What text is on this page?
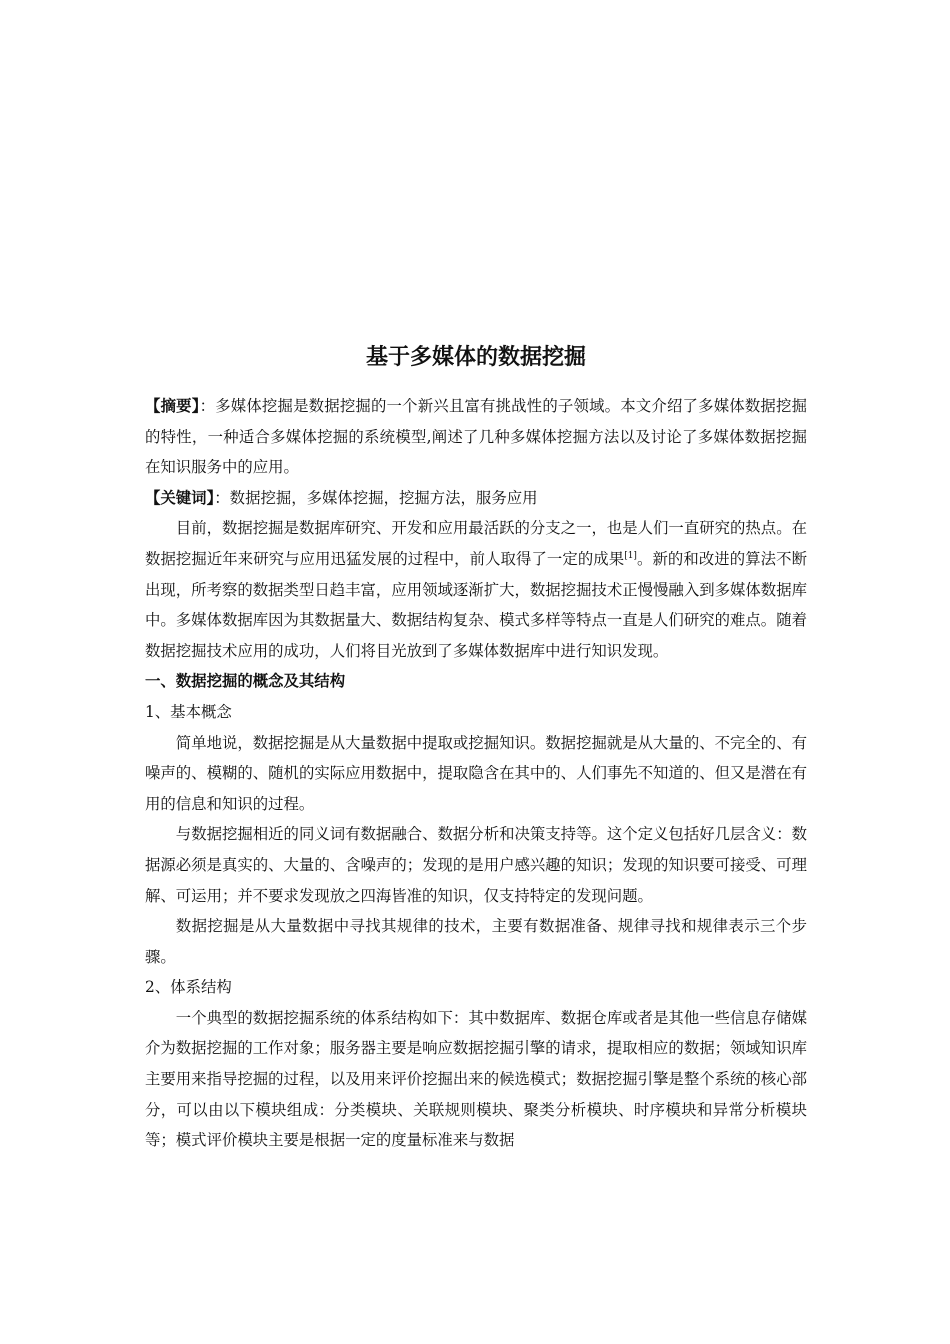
基于多媒体的数据挖掘

【摘要】：多媒体挖掘是数据挖掘的一个新兴且富有挑战性的子领域。本文介绍了多媒体数据挖掘的特性，一种适合多媒体挖掘的系统模型,阐述了几种多媒体挖掘方法以及讨论了多媒体数据挖掘在知识服务中的应用。

【关键词】：数据挖掘，多媒体挖掘，挖掘方法，服务应用

目前，数据挖掘是数据库研究、开发和应用最活跃的分支之一，也是人们一直研究的热点。在数据挖掘近年来研究与应用迅猛发展的过程中，前人取得了一定的成果[1]。新的和改进的算法不断出现，所考察的数据类型日趋丰富，应用领域逐渐扩大，数据挖掘技术正慢慢融入到多媒体数据库中。多媒体数据库因为其数据量大、数据结构复杂、模式多样等特点一直是人们研究的难点。随着数据挖掘技术应用的成功，人们将目光放到了多媒体数据库中进行知识发现。

一、数据挖掘的概念及其结构

1、基本概念

简单地说，数据挖掘是从大量数据中提取或挖掘知识。数据挖掘就是从大量的、不完全的、有噪声的、模糊的、随机的实际应用数据中，提取隐含在其中的、人们事先不知道的、但又是潜在有用的信息和知识的过程。

与数据挖掘相近的同义词有数据融合、数据分析和决策支持等。这个定义包括好几层含义：数据源必须是真实的、大量的、含噪声的；发现的是用户感兴趣的知识；发现的知识要可接受、可理解、可运用；并不要求发现放之四海皆准的知识，仅支持特定的发现问题。

数据挖掘是从大量数据中寻找其规律的技术，主要有数据准备、规律寻找和规律表示三个步骤。

2、体系结构

一个典型的数据挖掘系统的体系结构如下：其中数据库、数据仓库或者是其他一些信息存储媒介为数据挖掘的工作对象；服务器主要是响应数据挖掘引擎的请求，提取相应的数据；领域知识库主要用来指导挖掘的过程，以及用来评价挖掘出来的候选模式；数据挖掘引擎是整个系统的核心部分，可以由以下模块组成：分类模块、关联规则模块、聚类分析模块、时序模块和异常分析模块等；模式评价模块主要是根据一定的度量标准来与数据
